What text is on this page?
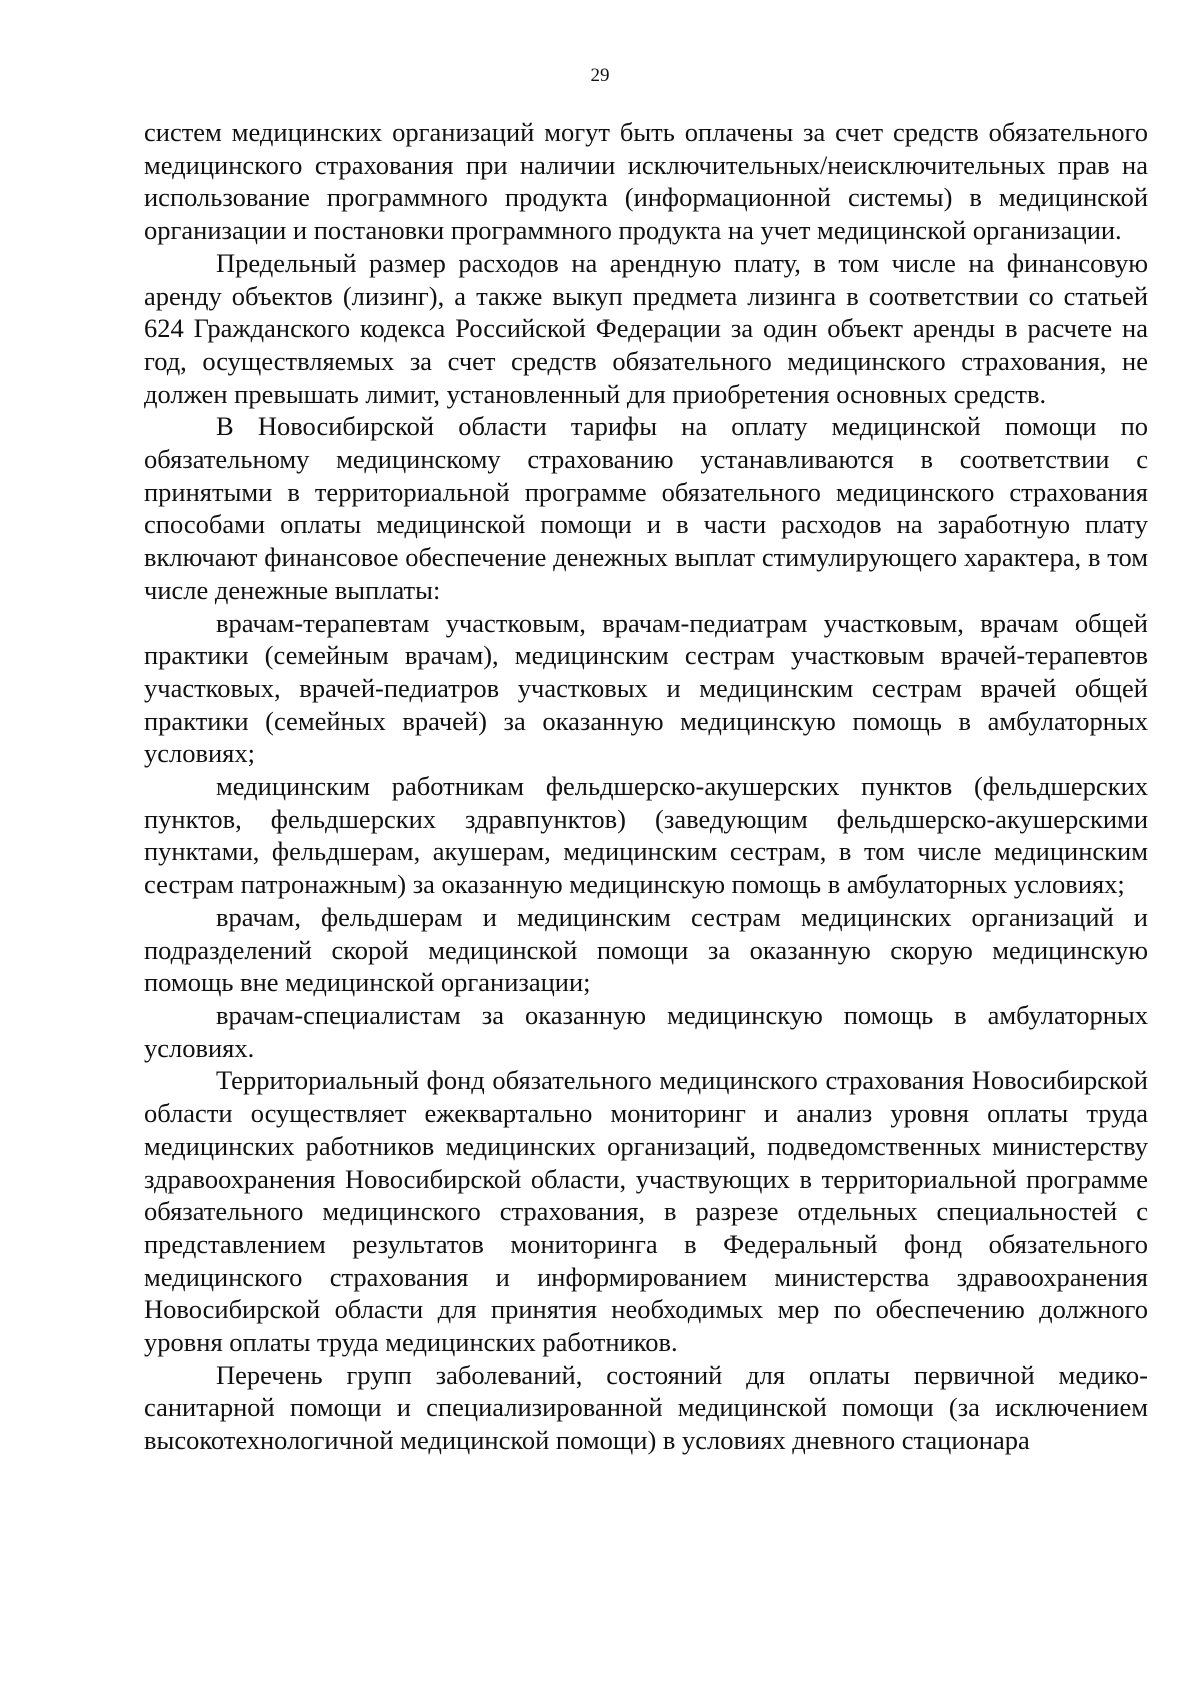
29

систем медицинских организаций могут быть оплачены за счет средств обязательного медицинского страхования при наличии исключительных/неисключительных прав на использование программного продукта (информационной системы) в медицинской организации и постановки программного продукта на учет медицинской организации.

Предельный размер расходов на арендную плату, в том числе на финансовую аренду объектов (лизинг), а также выкуп предмета лизинга в соответствии со статьей 624 Гражданского кодекса Российской Федерации за один объект аренды в расчете на год, осуществляемых за счет средств обязательного медицинского страхования, не должен превышать лимит, установленный для приобретения основных средств.

В Новосибирской области тарифы на оплату медицинской помощи по обязательному медицинскому страхованию устанавливаются в соответствии с принятыми в территориальной программе обязательного медицинского страхования способами оплаты медицинской помощи и в части расходов на заработную плату включают финансовое обеспечение денежных выплат стимулирующего характера, в том числе денежные выплаты:

врачам-терапевтам участковым, врачам-педиатрам участковым, врачам общей практики (семейным врачам), медицинским сестрам участковым врачей-терапевтов участковых, врачей-педиатров участковых и медицинским сестрам врачей общей практики (семейных врачей) за оказанную медицинскую помощь в амбулаторных условиях;

медицинским работникам фельдшерско-акушерских пунктов (фельдшерских пунктов, фельдшерских здравпунктов) (заведующим фельдшерско-акушерскими пунктами, фельдшерам, акушерам, медицинским сестрам, в том числе медицинским сестрам патронажным) за оказанную медицинскую помощь в амбулаторных условиях;

врачам, фельдшерам и медицинским сестрам медицинских организаций и подразделений скорой медицинской помощи за оказанную скорую медицинскую помощь вне медицинской организации;

врачам-специалистам за оказанную медицинскую помощь в амбулаторных условиях.

Территориальный фонд обязательного медицинского страхования Новосибирской области осуществляет ежеквартально мониторинг и анализ уровня оплаты труда медицинских работников медицинских организаций, подведомственных министерству здравоохранения Новосибирской области, участвующих в территориальной программе обязательного медицинского страхования, в разрезе отдельных специальностей с представлением результатов мониторинга в Федеральный фонд обязательного медицинского страхования и информированием министерства здравоохранения Новосибирской области для принятия необходимых мер по обеспечению должного уровня оплаты труда медицинских работников.

Перечень групп заболеваний, состояний для оплаты первичной медико-санитарной помощи и специализированной медицинской помощи (за исключением высокотехнологичной медицинской помощи) в условиях дневного стационара
